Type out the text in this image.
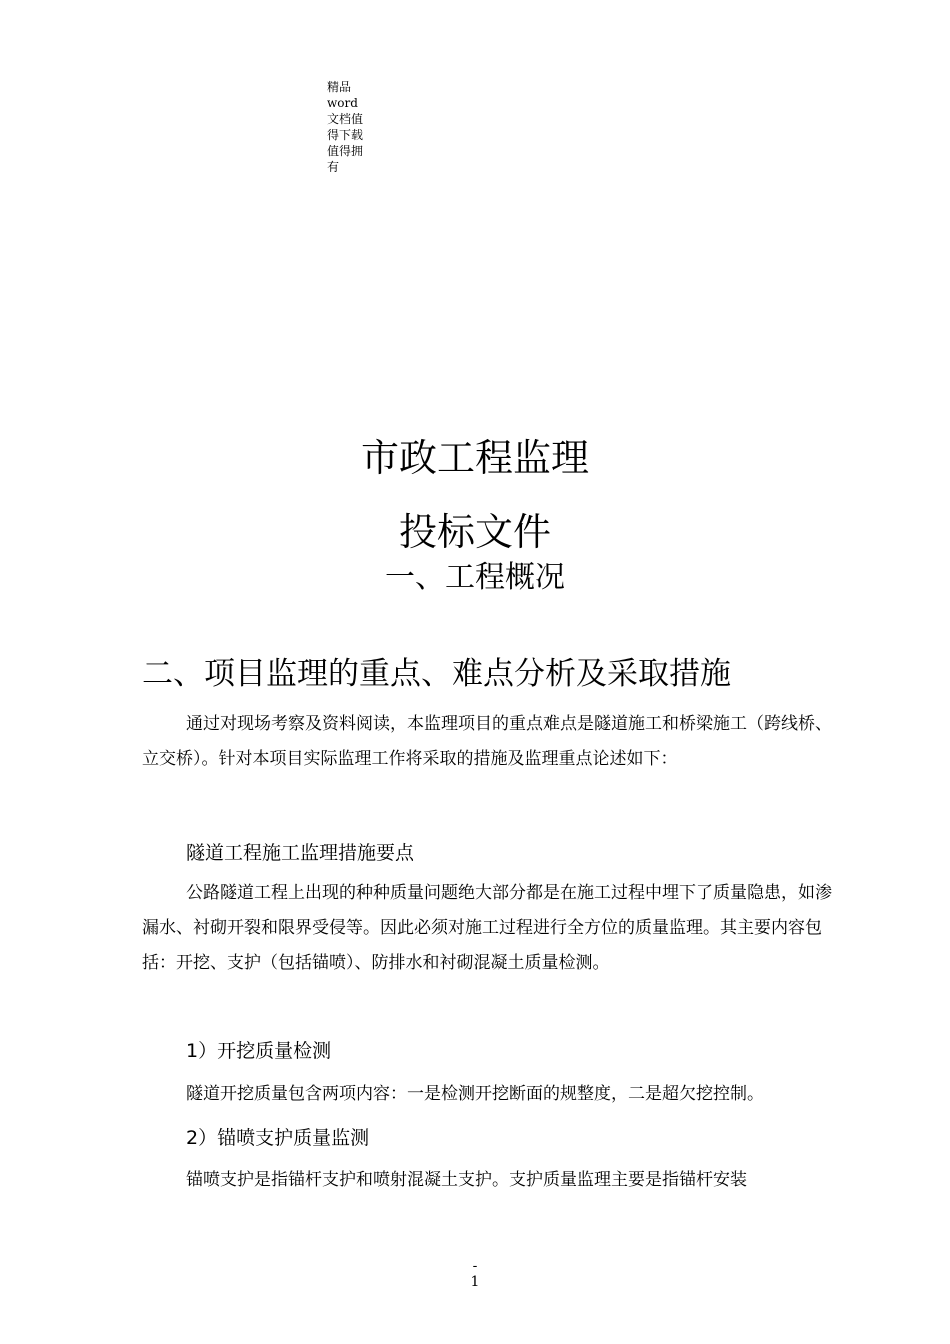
精品
word
文档值
得下载
值得拥
有
市政工程监理
投标文件
一、工程概况
二、项目监理的重点、难点分析及采取措施

通过对现场考察及资料阅读，本监理项目的重点难点是隧道施工和桥梁施工（跨线桥、立交桥）。针对本项目实际监理工作将采取的措施及监理重点论述如下：

隧道工程施工监理措施要点

公路隧道工程上出现的种种质量问题绝大部分都是在施工过程中埋下了质量隐患，如渗漏水、衬砌开裂和限界受侵等。因此必须对施工过程进行全方位的质量监理。其主要内容包括：开挖、支护（包括锚喷）、防排水和衬砌混凝土质量检测。

1）开挖质量检测
隧道开挖质量包含两项内容：一是检测开挖断面的规整度，二是超欠挖控制。
2）锚喷支护质量监测
锚喷支护是指锚杆支护和喷射混凝土支护。支护质量监理主要是指锚杆安装
-
1
